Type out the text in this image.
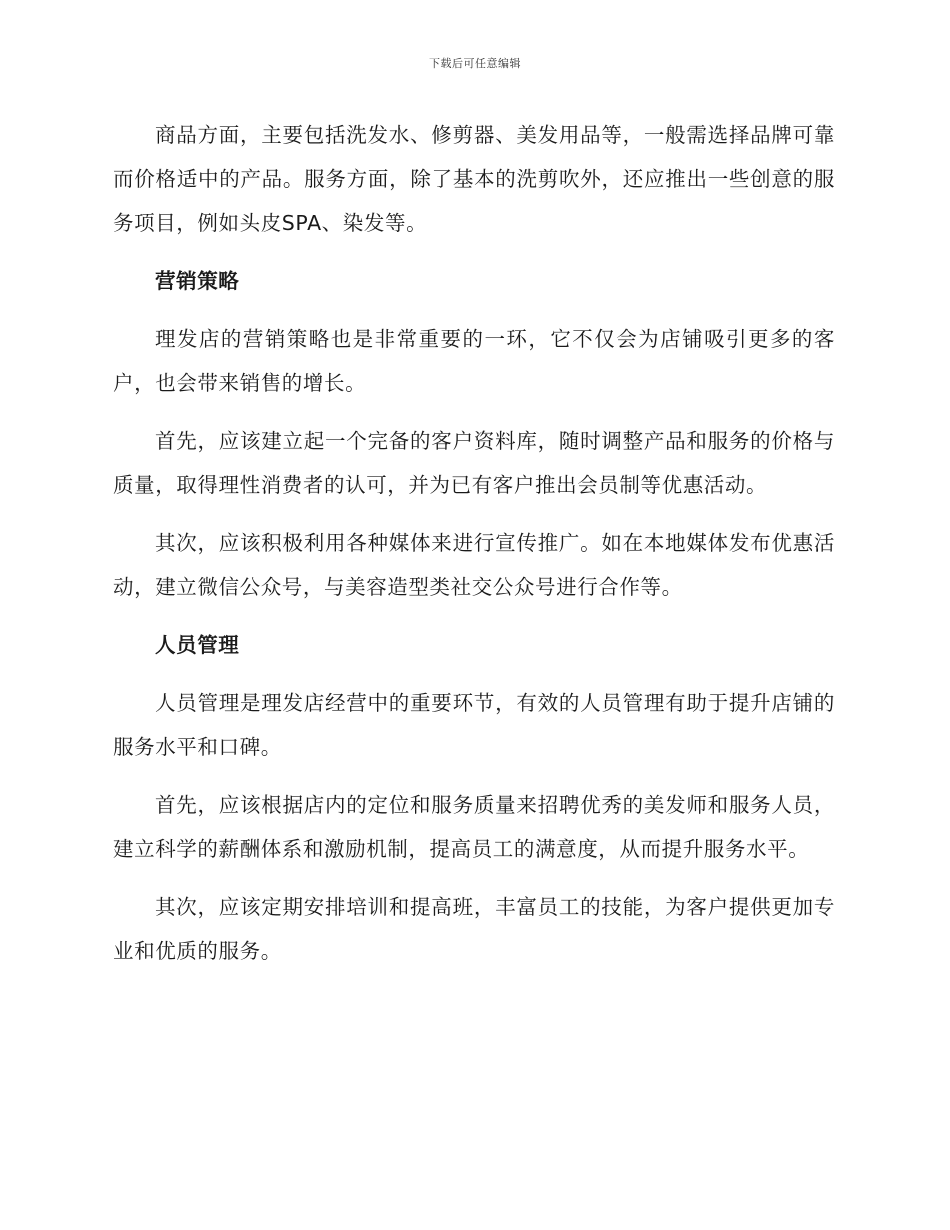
下载后可任意编辑

商品方面，主要包括洗发水、修剪器、美发用品等，一般需选择品牌可靠而价格适中的产品。服务方面，除了基本的洗剪吹外，还应推出一些创意的服务项目，例如头皮SPA、染发等。

营销策略

理发店的营销策略也是非常重要的一环，它不仅会为店铺吸引更多的客户，也会带来销售的增长。

首先，应该建立起一个完备的客户资料库，随时调整产品和服务的价格与质量，取得理性消费者的认可，并为已有客户推出会员制等优惠活动。

其次，应该积极利用各种媒体来进行宣传推广。如在本地媒体发布优惠活动，建立微信公众号，与美容造型类社交公众号进行合作等。

人员管理

人员管理是理发店经营中的重要环节，有效的人员管理有助于提升店铺的服务水平和口碑。

首先，应该根据店内的定位和服务质量来招聘优秀的美发师和服务人员，建立科学的薪酬体系和激励机制，提高员工的满意度，从而提升服务水平。

其次，应该定期安排培训和提高班，丰富员工的技能，为客户提供更加专业和优质的服务。
